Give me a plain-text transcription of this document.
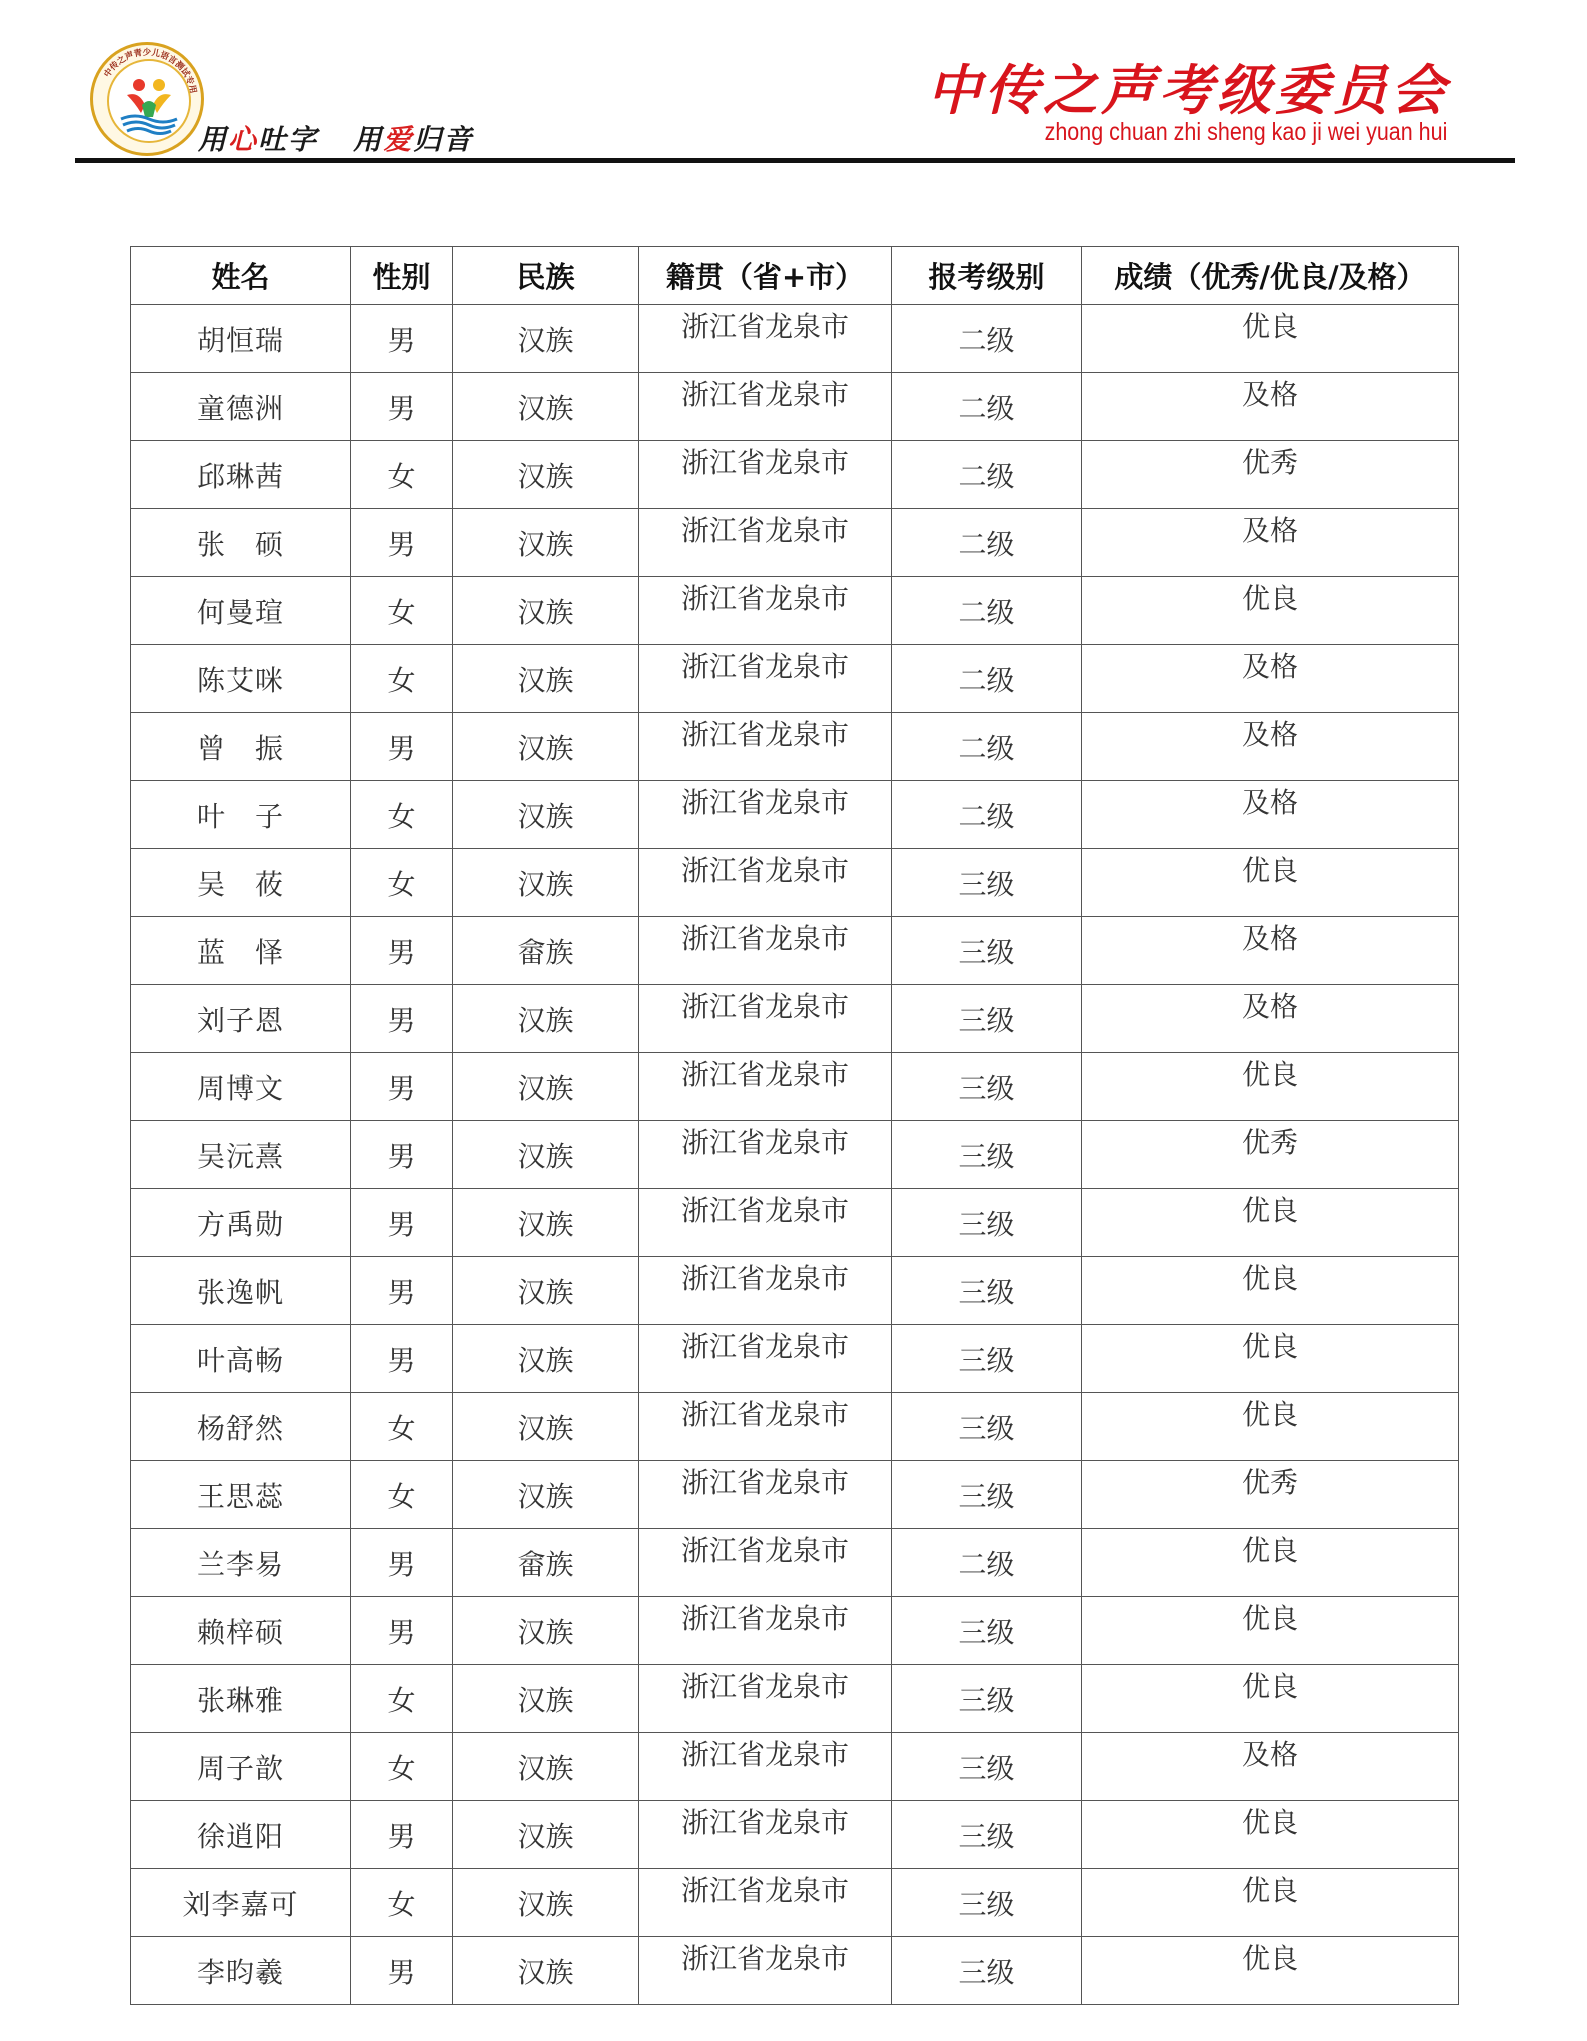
中传之声青少儿语言测试专用
用心吐字 用爱归音
中传之声考级委员会
zhong chuan zhi sheng kao ji wei yuan hui
姓名	性别	民族	籍贯（省+市）	报考级别	成绩（优秀/优良/及格）
胡恒瑞	男	汉族	浙江省龙泉市	二级	优良
童德洲	男	汉族	浙江省龙泉市	二级	及格
邱琳茜	女	汉族	浙江省龙泉市	二级	优秀
张　硕	男	汉族	浙江省龙泉市	二级	及格
何曼瑄	女	汉族	浙江省龙泉市	二级	优良
陈艾咪	女	汉族	浙江省龙泉市	二级	及格
曾　振	男	汉族	浙江省龙泉市	二级	及格
叶　子	女	汉族	浙江省龙泉市	二级	及格
吴　莜	女	汉族	浙江省龙泉市	三级	优良
蓝　怿	男	畲族	浙江省龙泉市	三级	及格
刘子恩	男	汉族	浙江省龙泉市	三级	及格
周博文	男	汉族	浙江省龙泉市	三级	优良
吴沅熹	男	汉族	浙江省龙泉市	三级	优秀
方禹勋	男	汉族	浙江省龙泉市	三级	优良
张逸帆	男	汉族	浙江省龙泉市	三级	优良
叶高畅	男	汉族	浙江省龙泉市	三级	优良
杨舒然	女	汉族	浙江省龙泉市	三级	优良
王思蕊	女	汉族	浙江省龙泉市	三级	优秀
兰李易	男	畲族	浙江省龙泉市	二级	优良
赖梓硕	男	汉族	浙江省龙泉市	三级	优良
张琳雅	女	汉族	浙江省龙泉市	三级	优良
周子歆	女	汉族	浙江省龙泉市	三级	及格
徐逍阳	男	汉族	浙江省龙泉市	三级	优良
刘李嘉可	女	汉族	浙江省龙泉市	三级	优良
李昀羲	男	汉族	浙江省龙泉市	三级	优良
